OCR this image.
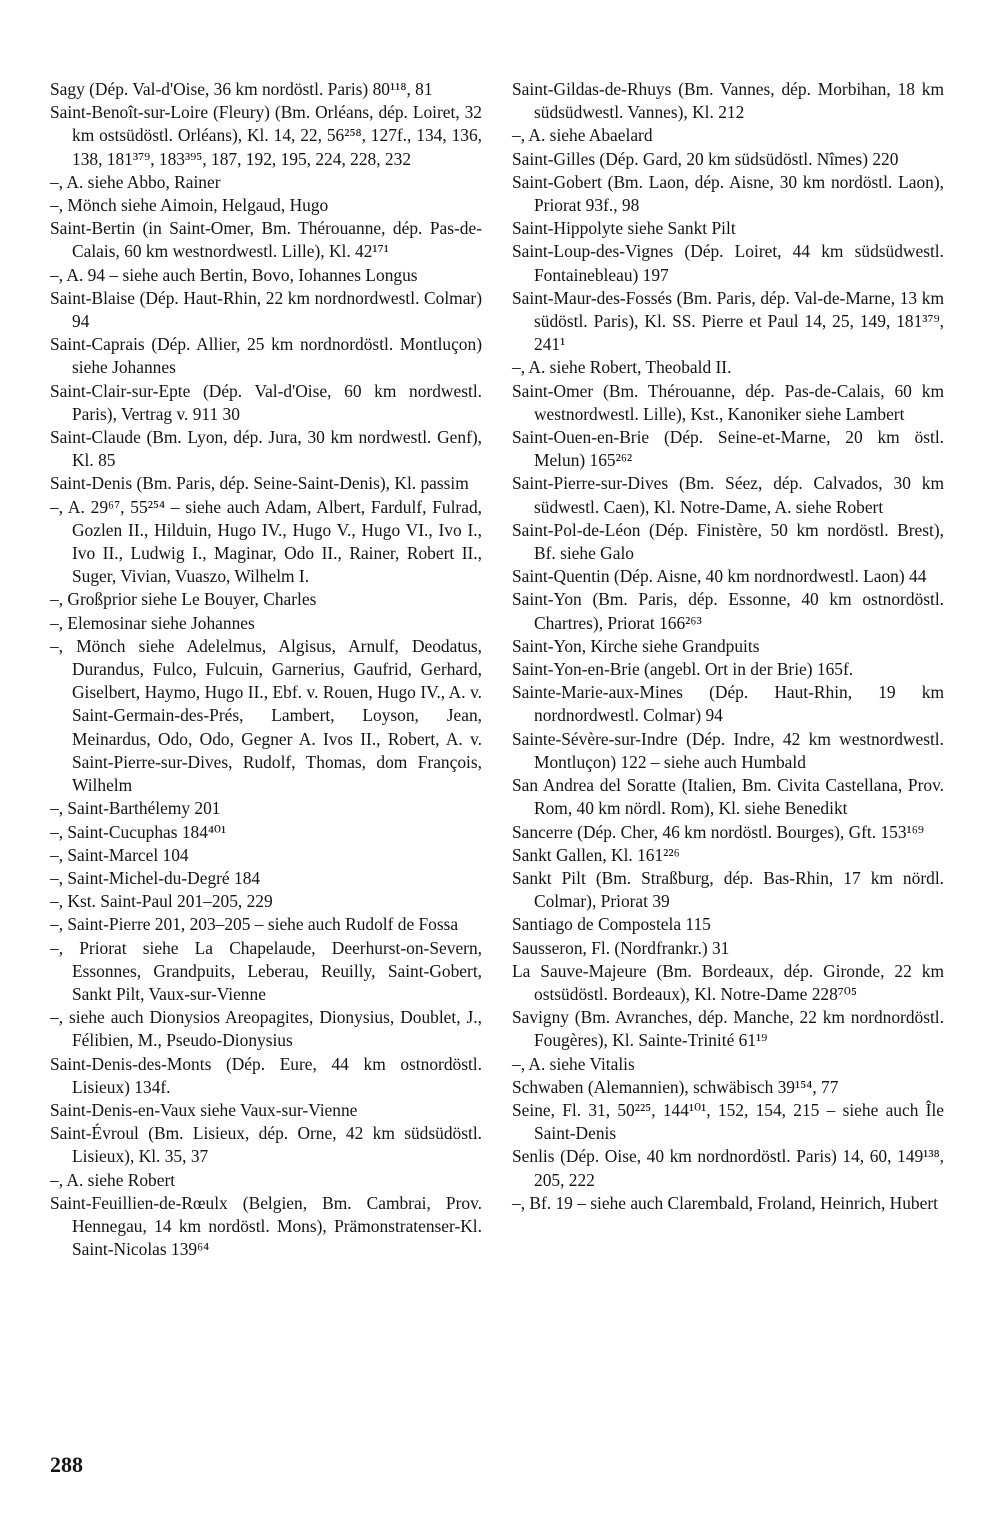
Sagy (Dép. Val-d'Oise, 36 km nordöstl. Paris) 80¹¹⁸, 81

Saint-Benoît-sur-Loire (Fleury) (Bm. Orléans, dép. Loiret, 32 km ostsüdöstl. Orléans), Kl. 14, 22, 56²⁵⁸, 127f., 134, 136, 138, 181³⁷⁹, 183³⁹⁵, 187, 192, 195, 224, 228, 232

–, A. siehe Abbo, Rainer

–, Mönch siehe Aimoin, Helgaud, Hugo

Saint-Bertin (in Saint-Omer, Bm. Thérouanne, dép. Pas-de-Calais, 60 km westnordwestl. Lille), Kl. 42¹⁷¹

–, A. 94 – siehe auch Bertin, Bovo, Iohannes Longus

Saint-Blaise (Dép. Haut-Rhin, 22 km nordnordwestl. Colmar) 94

Saint-Caprais (Dép. Allier, 25 km nordnordöstl. Montluçon) siehe Johannes

Saint-Clair-sur-Epte (Dép. Val-d'Oise, 60 km nordwestl. Paris), Vertrag v. 911 30

Saint-Claude (Bm. Lyon, dép. Jura, 30 km nordwestl. Genf), Kl. 85

Saint-Denis (Bm. Paris, dép. Seine-Saint-Denis), Kl. passim

–, A. 29⁶⁷, 55²⁵⁴ – siehe auch Adam, Albert, Fardulf, Fulrad, Gozlen II., Hilduin, Hugo IV., Hugo V., Hugo VI., Ivo I., Ivo II., Ludwig I., Maginar, Odo II., Rainer, Robert II., Suger, Vivian, Vuaszo, Wilhelm I.

–, Großprior siehe Le Bouyer, Charles

–, Elemosinar siehe Johannes

–, Mönch siehe Adelelmus, Algisus, Arnulf, Deodatus, Durandus, Fulco, Fulcuin, Garnerius, Gaufrid, Gerhard, Giselbert, Haymo, Hugo II., Ebf. v. Rouen, Hugo IV., A. v. Saint-Germain-des-Prés, Lambert, Loyson, Jean, Meinardus, Odo, Odo, Gegner A. Ivos II., Robert, A. v. Saint-Pierre-sur-Dives, Rudolf, Thomas, dom François, Wilhelm

–, Saint-Barthélemy 201

–, Saint-Cucuphas 184⁴⁰¹

–, Saint-Marcel 104

–, Saint-Michel-du-Degré 184

–, Kst. Saint-Paul 201–205, 229

–, Saint-Pierre 201, 203–205 – siehe auch Rudolf de Fossa

–, Priorat siehe La Chapelaude, Deerhurst-on-Severn, Essonnes, Grandpuits, Leberau, Reuilly, Saint-Gobert, Sankt Pilt, Vaux-sur-Vienne

–, siehe auch Dionysios Areopagites, Dionysius, Doublet, J., Félibien, M., Pseudo-Dionysius

Saint-Denis-des-Monts (Dép. Eure, 44 km ostnordöstl. Lisieux) 134f.

Saint-Denis-en-Vaux siehe Vaux-sur-Vienne

Saint-Évroul (Bm. Lisieux, dép. Orne, 42 km südsüdöstl. Lisieux), Kl. 35, 37

–, A. siehe Robert

Saint-Feuillien-de-Rœulx (Belgien, Bm. Cambrai, Prov. Hennegau, 14 km nordöstl. Mons), Prämonstratenser-Kl. Saint-Nicolas 139⁶⁴

Saint-Gildas-de-Rhuys (Bm. Vannes, dép. Morbihan, 18 km südsüdwestl. Vannes), Kl. 212

–, A. siehe Abaelard

Saint-Gilles (Dép. Gard, 20 km südsüdöstl. Nîmes) 220

Saint-Gobert (Bm. Laon, dép. Aisne, 30 km nordöstl. Laon), Priorat 93f., 98

Saint-Hippolyte siehe Sankt Pilt

Saint-Loup-des-Vignes (Dép. Loiret, 44 km südsüdwestl. Fontainebleau) 197

Saint-Maur-des-Fossés (Bm. Paris, dép. Val-de-Marne, 13 km südöstl. Paris), Kl. SS. Pierre et Paul 14, 25, 149, 181³⁷⁹, 241¹

–, A. siehe Robert, Theobald II.

Saint-Omer (Bm. Thérouanne, dép. Pas-de-Calais, 60 km westnordwestl. Lille), Kst., Kanoniker siehe Lambert

Saint-Ouen-en-Brie (Dép. Seine-et-Marne, 20 km östl. Melun) 165²⁶²

Saint-Pierre-sur-Dives (Bm. Séez, dép. Calvados, 30 km südwestl. Caen), Kl. Notre-Dame, A. siehe Robert

Saint-Pol-de-Léon (Dép. Finistère, 50 km nordöstl. Brest), Bf. siehe Galo

Saint-Quentin (Dép. Aisne, 40 km nordnordwestl. Laon) 44

Saint-Yon (Bm. Paris, dép. Essonne, 40 km ostnordöstl. Chartres), Priorat 166²⁶³

Saint-Yon, Kirche siehe Grandpuits

Saint-Yon-en-Brie (angebl. Ort in der Brie) 165f.

Sainte-Marie-aux-Mines (Dép. Haut-Rhin, 19 km nordnordwestl. Colmar) 94

Sainte-Sévère-sur-Indre (Dép. Indre, 42 km westnordwestl. Montluçon) 122 – siehe auch Humbald

San Andrea del Soratte (Italien, Bm. Civita Castellana, Prov. Rom, 40 km nördl. Rom), Kl. siehe Benedikt

Sancerre (Dép. Cher, 46 km nordöstl. Bourges), Gft. 153¹⁶⁹

Sankt Gallen, Kl. 161²²⁶

Sankt Pilt (Bm. Straßburg, dép. Bas-Rhin, 17 km nördl. Colmar), Priorat 39

Santiago de Compostela 115

Sausseron, Fl. (Nordfrankr.) 31

La Sauve-Majeure (Bm. Bordeaux, dép. Gironde, 22 km ostsüdöstl. Bordeaux), Kl. Notre-Dame 228⁷⁰⁵

Savigny (Bm. Avranches, dép. Manche, 22 km nordnordöstl. Fougères), Kl. Sainte-Trinité 61¹⁹

–, A. siehe Vitalis

Schwaben (Alemannien), schwäbisch 39¹⁵⁴, 77

Seine, Fl. 31, 50²²⁵, 144¹⁰¹, 152, 154, 215 – siehe auch Île Saint-Denis

Senlis (Dép. Oise, 40 km nordnordöstl. Paris) 14, 60, 149¹³⁸, 205, 222

–, Bf. 19 – siehe auch Clarembald, Froland, Heinrich, Hubert

288
